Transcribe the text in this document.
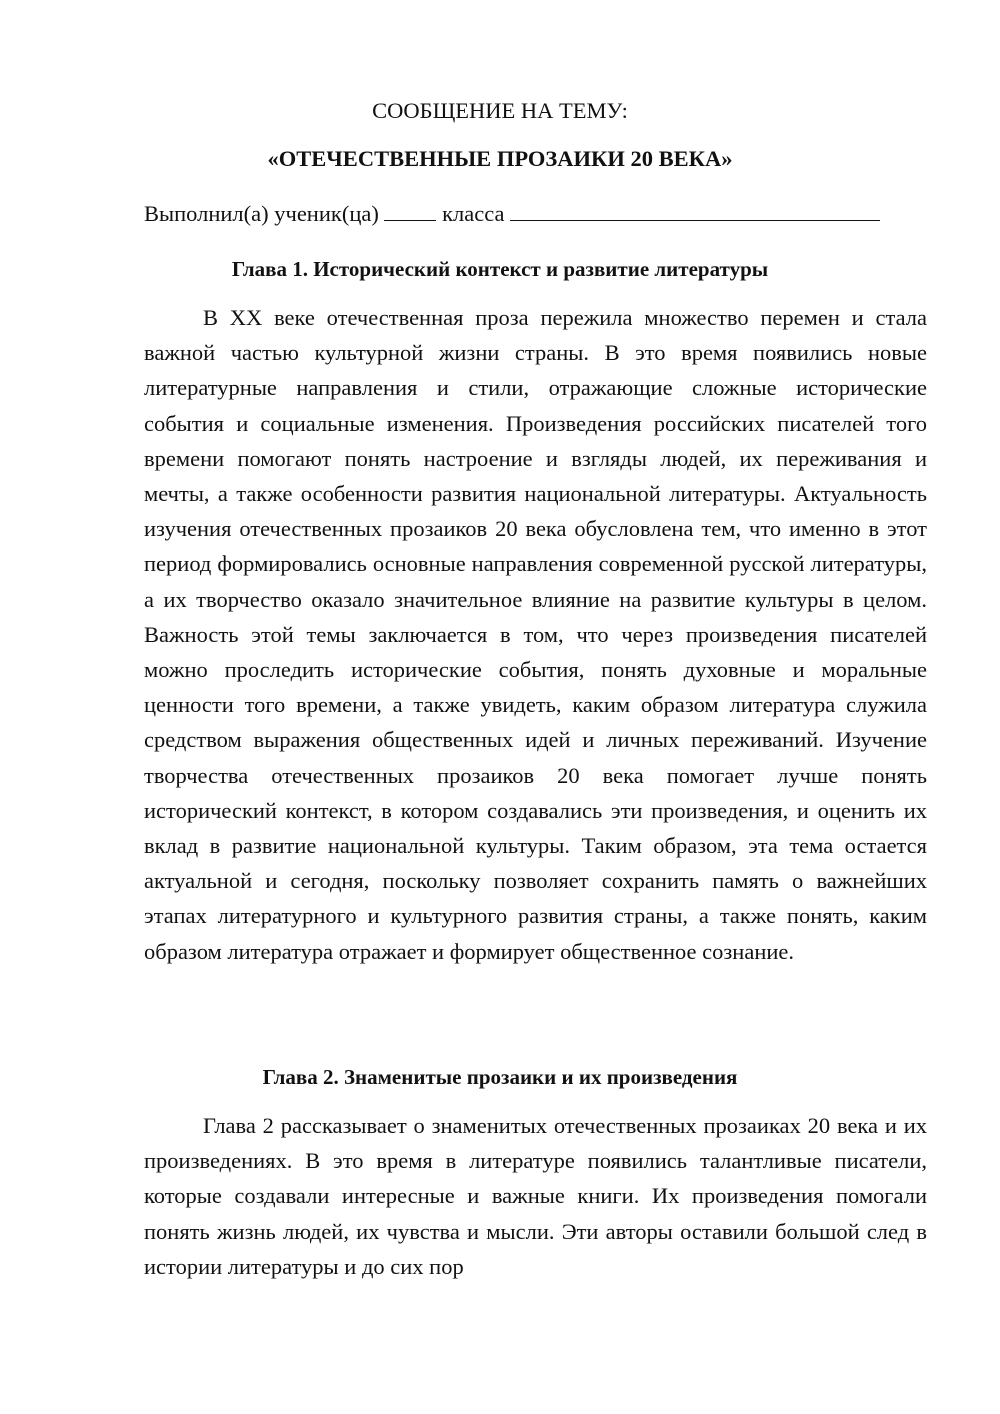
СООБЩЕНИЕ НА ТЕМУ:

«ОТЕЧЕСТВЕННЫЕ ПРОЗАИКИ 20 ВЕКА»

Выполнил(а) ученик(ца)	класса
Глава 1. Исторический контекст и развитие литературы

В XX веке отечественная проза пережила множество перемен и стала важной частью культурной жизни страны. В это время появились новые литературные направления и стили, отражающие сложные исторические события и социальные изменения. Произведения российских писателей того времени помогают понять настроение и взгляды людей, их переживания и мечты, а также особенности развития национальной литературы. Актуальность изучения отечественных прозаиков 20 века обусловлена тем, что именно в этот период формировались основные направления современной русской литературы, а их творчество оказало значительное влияние на развитие культуры в целом. Важность этой темы заключается в том, что через произведения писателей можно проследить исторические события, понять духовные и моральные ценности того времени, а также увидеть, каким образом литература служила средством выражения общественных идей и личных переживаний. Изучение творчества отечественных прозаиков 20 века помогает лучше понять исторический контекст, в котором создавались эти произведения, и оценить их вклад в развитие национальной культуры. Таким образом, эта тема остается актуальной и сегодня, поскольку позволяет сохранить память о важнейших этапах литературного и культурного развития страны, а также понять, каким образом литература отражает и формирует общественное сознание.

Глава 2. Знаменитые прозаики и их произведения

Глава 2 рассказывает о знаменитых отечественных прозаиках 20 века и их произведениях. В это время в литературе появились талантливые писатели, которые создавали интересные и важные книги. Их произведения помогали понять жизнь людей, их чувства и мысли. Эти авторы оставили большой след в истории литературы и до сих пор
